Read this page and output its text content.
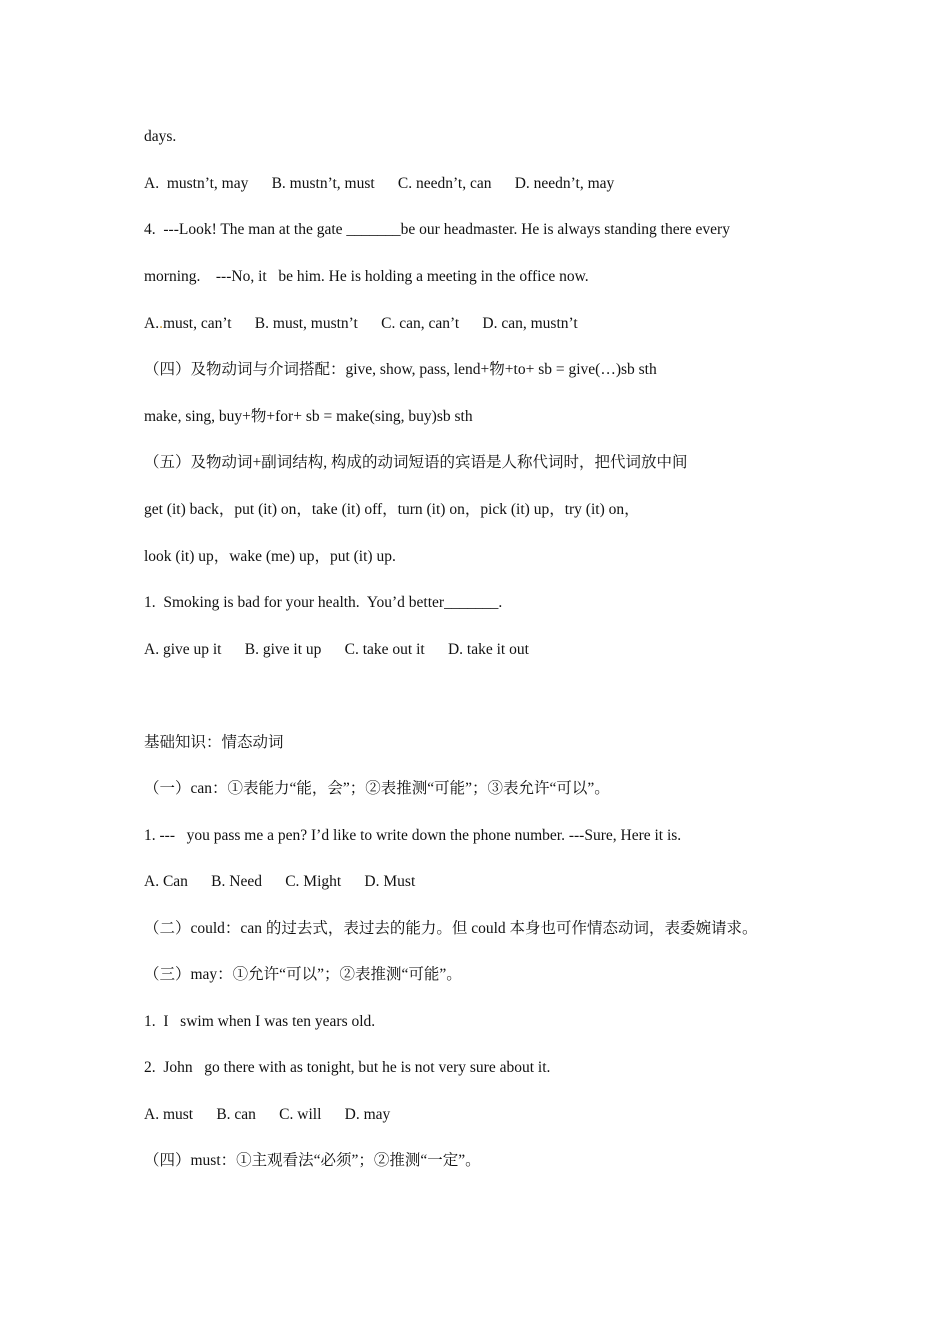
days.
A.  mustn’t, may      B. mustn’t, must      C. needn’t, can      D. needn’t, may
4.  ---Look! The man at the gate _______be our headmaster. He is always standing there every
morning.    ---No, it   be him. He is holding a meeting in the office now.
A..must, can’t      B. must, mustn’t      C. can, can’t      D. can, mustn’t
（四）及物动词与介词搭配：give, show, pass, lend+物+to+ sb = give(…)sb sth
make, sing, buy+物+for+ sb = make(sing, buy)sb sth
（五）及物动词+副词结构, 构成的动词短语的宾语是人称代词时，把代词放中间
get (it) back，put (it) on，take (it) off，turn (it) on，pick (it) up，try (it) on，
look (it) up，wake (me) up，put (it) up.
1.  Smoking is bad for your health.  You’d better_______.
A. give up it      B. give it up      C. take out it      D. take it out
基础知识：情态动词
（一）can：①表能力“能，会”；②表推测“可能”；③表允许“可以”。
1. ---   you pass me a pen? I’d like to write down the phone number. ---Sure, Here it is.
A. Can      B. Need      C. Might      D. Must
（二）could：can 的过去式，表过去的能力。但 could 本身也可作情态动词，表委婉请求。
（三）may：①允许“可以”；②表推测“可能”。
1.  I   swim when I was ten years old.
2.  John   go there with as tonight, but he is not very sure about it.
A. must      B. can      C. will      D. may
（四）must：①主观看法“必须”；②推测“一定”。
